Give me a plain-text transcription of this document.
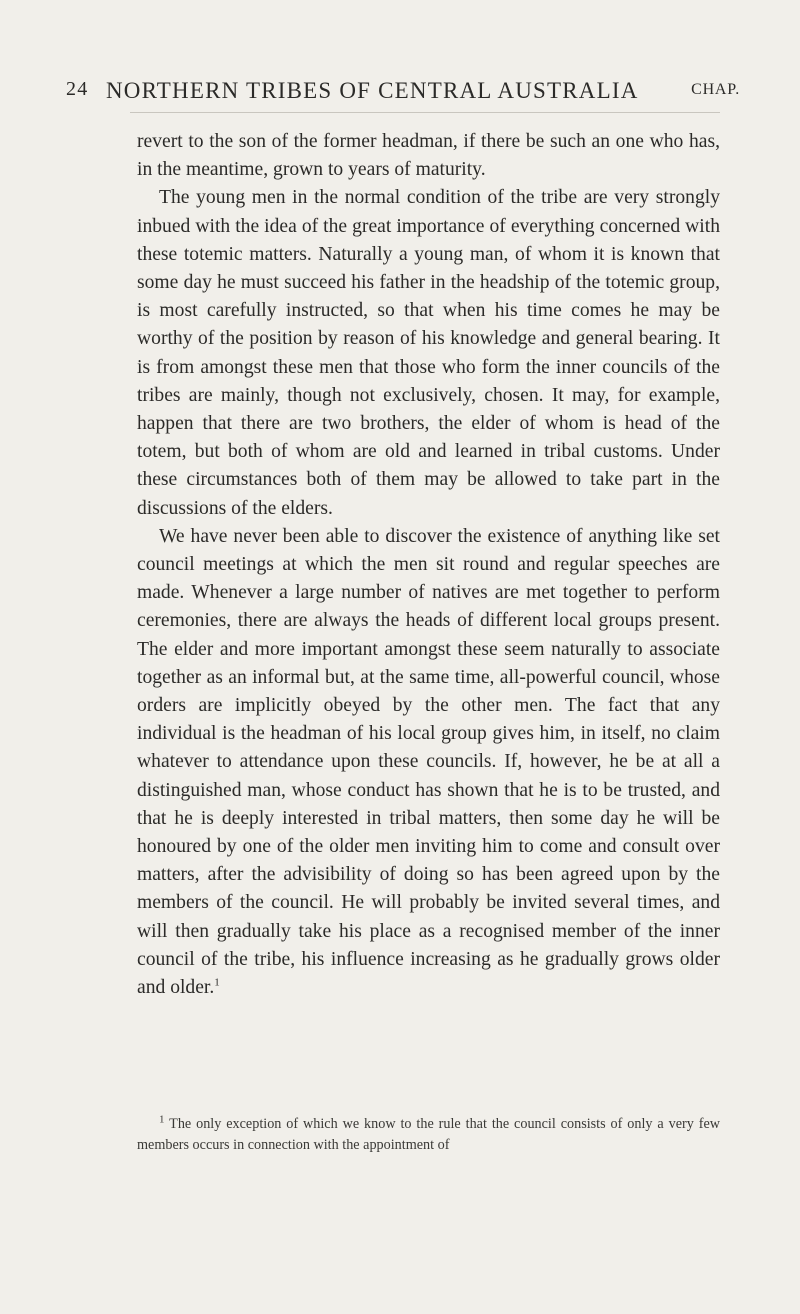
24 NORTHERN TRIBES OF CENTRAL AUSTRALIA	CHAP.

revert to the son of the former headman, if there be such an one who has, in the meantime, grown to years of maturity.

The young men in the normal condition of the tribe are very strongly inbued with the idea of the great importance of everything concerned with these totemic matters. Naturally a young man, of whom it is known that some day he must succeed his father in the headship of the totemic group, is most carefully instructed, so that when his time comes he may be worthy of the position by reason of his knowledge and general bearing. It is from amongst these men that those who form the inner councils of the tribes are mainly, though not exclusively, chosen. It may, for example, happen that there are two brothers, the elder of whom is head of the totem, but both of whom are old and learned in tribal customs. Under these circumstances both of them may be allowed to take part in the discussions of the elders.

We have never been able to discover the existence of anything like set council meetings at which the men sit round and regular speeches are made. Whenever a large number of natives are met together to perform ceremonies, there are always the heads of different local groups present. The elder and more important amongst these seem naturally to associate together as an informal but, at the same time, all-powerful council, whose orders are implicitly obeyed by the other men. The fact that any individual is the headman of his local group gives him, in itself, no claim whatever to attendance upon these councils. If, however, he be at all a distinguished man, whose conduct has shown that he is to be trusted, and that he is deeply interested in tribal matters, then some day he will be honoured by one of the older men inviting him to come and consult over matters, after the advisibility of doing so has been agreed upon by the members of the council. He will probably be invited several times, and will then gradually take his place as a recognised member of the inner council of the tribe, his influence increasing as he gradually grows older and older.$^1$

$^1$ The only exception of which we know to the rule that the council consists of only a very few members occurs in connection with the appointment of
